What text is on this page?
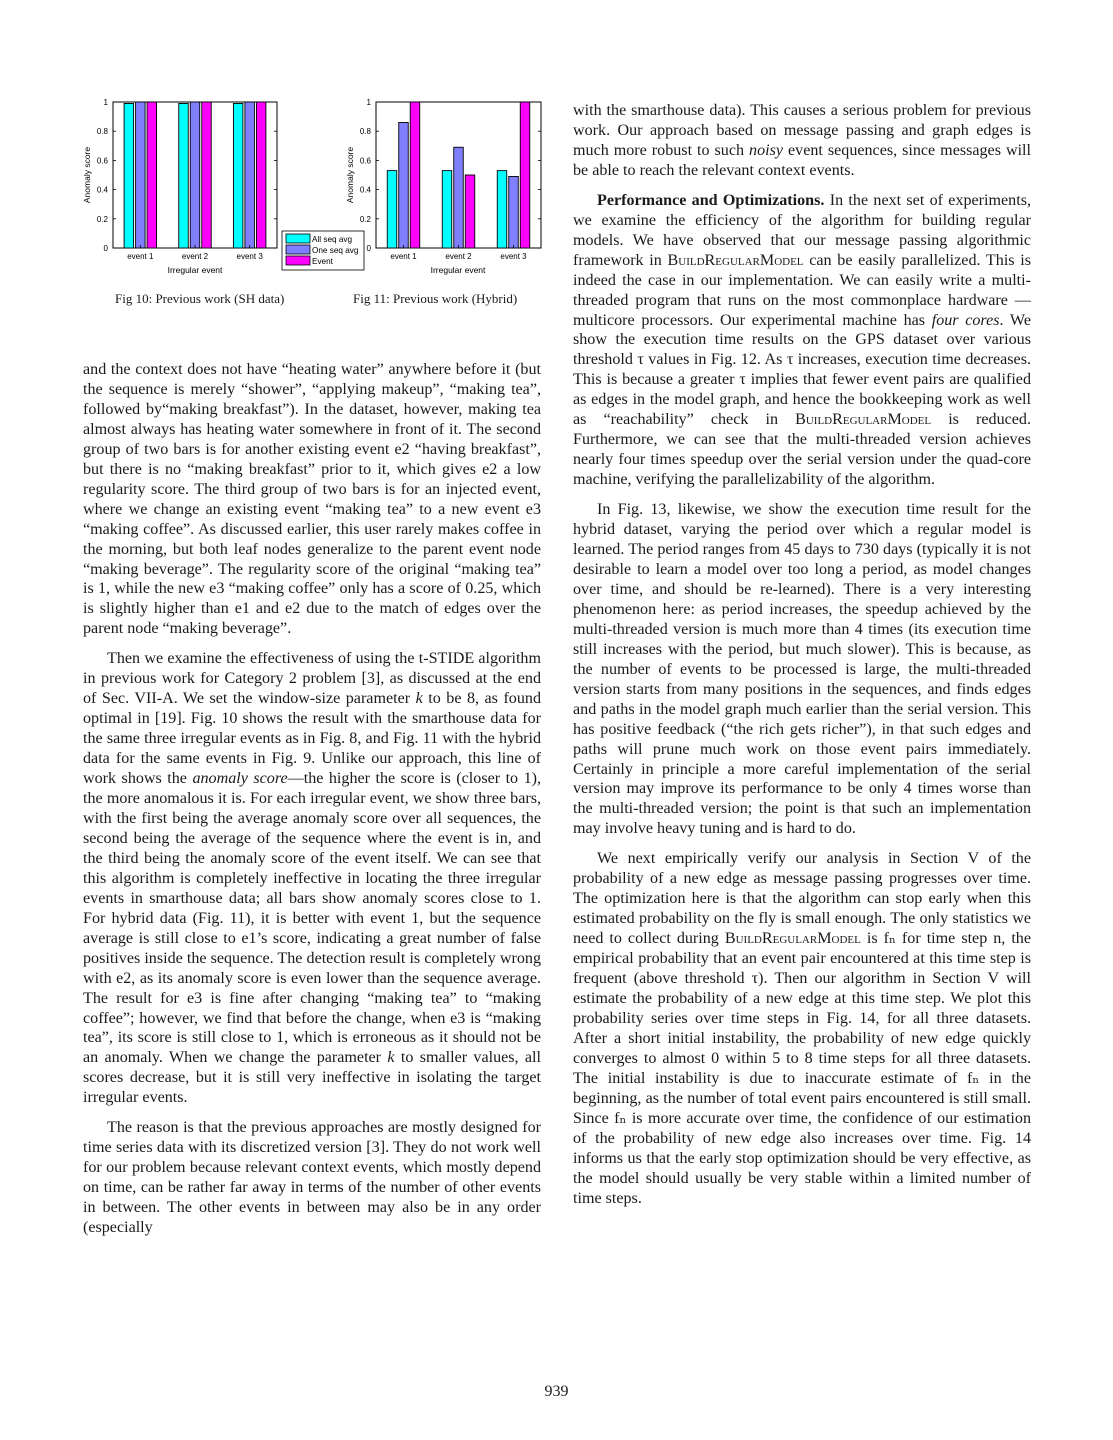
0
0.2
0.4
0.6
0.8
1
event 1	event 2	event 3
Irregular event
Anomaly score
All seq avg
One seq avg
Event
Fig 10: Previous work (SH data)
0
0.2
0.4
0.6
0.8
1
event 1	event 2	event 3
Irregular event
Anomaly score
Fig 11: Previous work (Hybrid)

and the context does not have “heating water” anywhere before it (but the sequence is merely “shower”, “applying makeup”, “making tea”, followed by“making breakfast”). In the dataset, however, making tea almost always has heating water somewhere in front of it. The second group of two bars is for another existing event e2 “having breakfast”, but there is no “making breakfast” prior to it, which gives e2 a low regularity score. The third group of two bars is for an injected event, where we change an existing event “making tea” to a new event e3 “making coffee”. As discussed earlier, this user rarely makes coffee in the morning, but both leaf nodes generalize to the parent event node “making beverage”. The regularity score of the original “making tea” is 1, while the new e3 “making coffee” only has a score of 0.25, which is slightly higher than e1 and e2 due to the match of edges over the parent node “making beverage”.

Then we examine the effectiveness of using the t-STIDE algorithm in previous work for Category 2 problem [3], as discussed at the end of Sec. VII-A. We set the window-size parameter k to be 8, as found optimal in [19]. Fig. 10 shows the result with the smarthouse data for the same three irregular events as in Fig. 8, and Fig. 11 with the hybrid data for the same events in Fig. 9. Unlike our approach, this line of work shows the anomaly score—the higher the score is (closer to 1), the more anomalous it is. For each irregular event, we show three bars, with the first being the average anomaly score over all sequences, the second being the average of the sequence where the event is in, and the third being the anomaly score of the event itself. We can see that this algorithm is completely ineffective in locating the three irregular events in smarthouse data; all bars show anomaly scores close to 1. For hybrid data (Fig. 11), it is better with event 1, but the sequence average is still close to e1’s score, indicating a great number of false positives inside the sequence. The detection result is completely wrong with e2, as its anomaly score is even lower than the sequence average. The result for e3 is fine after changing “making tea” to “making coffee”; however, we find that before the change, when e3 is “making tea”, its score is still close to 1, which is erroneous as it should not be an anomaly. When we change the parameter k to smaller values, all scores decrease, but it is still very ineffective in isolating the target irregular events.

The reason is that the previous approaches are mostly designed for time series data with its discretized version [3]. They do not work well for our problem because relevant context events, which mostly depend on time, can be rather far away in terms of the number of other events in between. The other events in between may also be in any order (especially

with the smarthouse data). This causes a serious problem for previous work. Our approach based on message passing and graph edges is much more robust to such noisy event sequences, since messages will be able to reach the relevant context events.

Performance and Optimizations. In the next set of experiments, we examine the efficiency of the algorithm for building regular models. We have observed that our message passing algorithmic framework in BuildRegularModel can be easily parallelized. This is indeed the case in our implementation. We can easily write a multi-threaded program that runs on the most commonplace hardware — multicore processors. Our experimental machine has four cores. We show the execution time results on the GPS dataset over various threshold τ values in Fig. 12. As τ increases, execution time decreases. This is because a greater τ implies that fewer event pairs are qualified as edges in the model graph, and hence the bookkeeping work as well as “reachability” check in BuildRegularModel is reduced. Furthermore, we can see that the multi-threaded version achieves nearly four times speedup over the serial version under the quad-core machine, verifying the parallelizability of the algorithm.

In Fig. 13, likewise, we show the execution time result for the hybrid dataset, varying the period over which a regular model is learned. The period ranges from 45 days to 730 days (typically it is not desirable to learn a model over too long a period, as model changes over time, and should be re-learned). There is a very interesting phenomenon here: as period increases, the speedup achieved by the multi-threaded version is much more than 4 times (its execution time still increases with the period, but much slower). This is because, as the number of events to be processed is large, the multi-threaded version starts from many positions in the sequences, and finds edges and paths in the model graph much earlier than the serial version. This has positive feedback (“the rich gets richer”), in that such edges and paths will prune much work on those event pairs immediately. Certainly in principle a more careful implementation of the serial version may improve its performance to be only 4 times worse than the multi-threaded version; the point is that such an implementation may involve heavy tuning and is hard to do.

We next empirically verify our analysis in Section V of the probability of a new edge as message passing progresses over time. The optimization here is that the algorithm can stop early when this estimated probability on the fly is small enough. The only statistics we need to collect during BuildRegularModel is fₙ for time step n, the empirical probability that an event pair encountered at this time step is frequent (above threshold τ). Then our algorithm in Section V will estimate the probability of a new edge at this time step. We plot this probability series over time steps in Fig. 14, for all three datasets. After a short initial instability, the probability of new edge quickly converges to almost 0 within 5 to 8 time steps for all three datasets. The initial instability is due to inaccurate estimate of fₙ in the beginning, as the number of total event pairs encountered is still small. Since fₙ is more accurate over time, the confidence of our estimation of the probability of new edge also increases over time. Fig. 14 informs us that the early stop optimization should be very effective, as the model should usually be very stable within a limited number of time steps.

939
